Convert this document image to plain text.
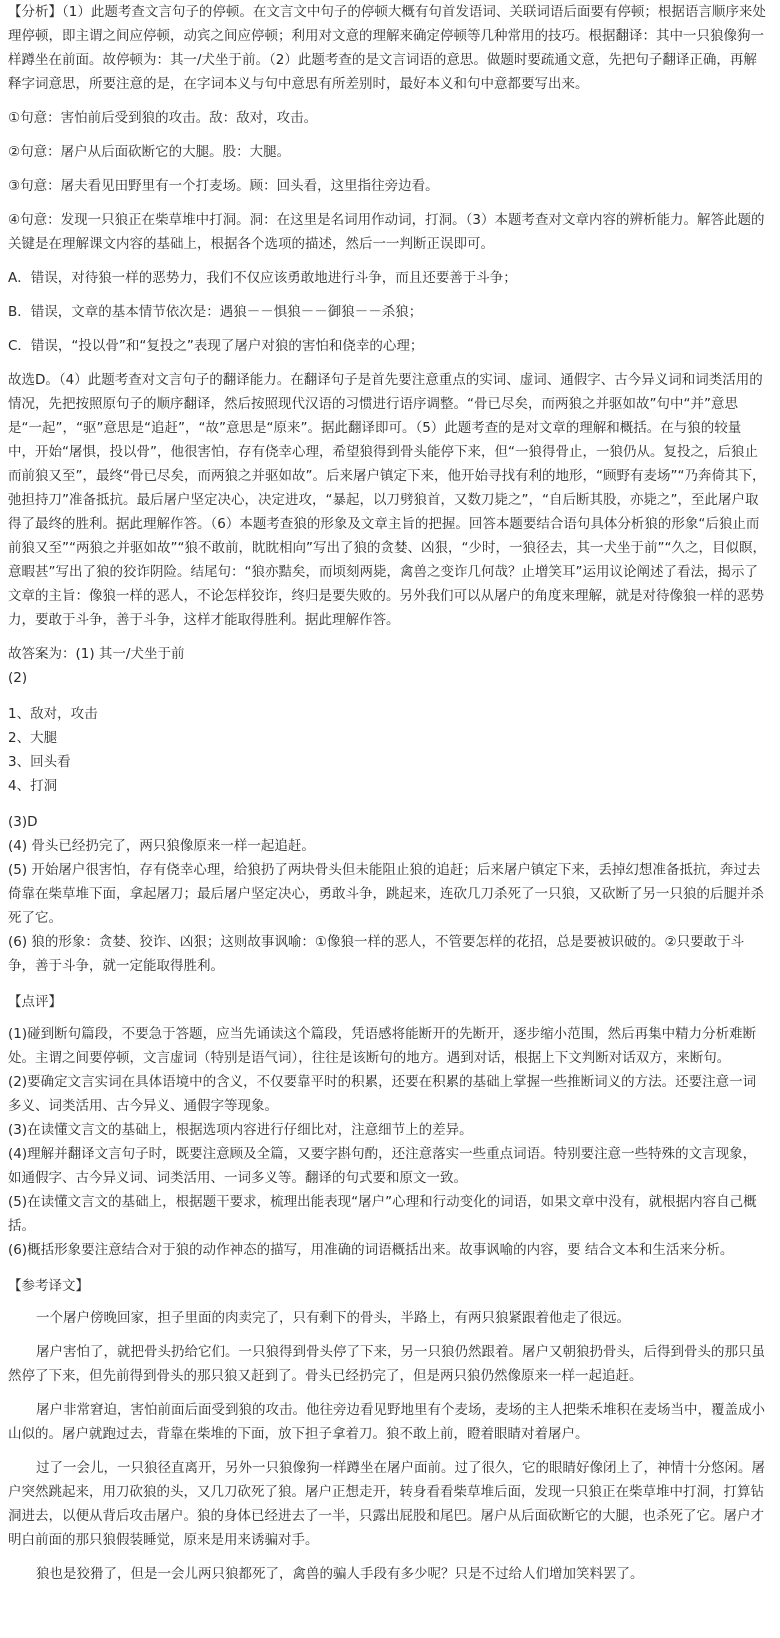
【分析】（1）此题考查文言句子的停顿。在文言文中句子的停顿大概有句首发语词、关联词语后面要有停顿；根据语言顺序来处理停顿，即主谓之间应停顿，动宾之间应停顿；利用对文意的理解来确定停顿等几种常用的技巧。根据翻译：其中一只狼像狗一样蹲坐在前面。故停顿为：其一/犬坐于前。（2）此题考查的是文言词语的意思。做题时要疏通文意，先把句子翻译正确，再解释字词意思，所要注意的是，在字词本义与句中意思有所差别时，最好本义和句中意都要写出来。

①句意：害怕前后受到狼的攻击。敌：敌对，攻击。

②句意：屠户从后面砍断它的大腿。股：大腿。

③句意：屠夫看见田野里有一个打麦场。顾：回头看，这里指往旁边看。

④句意：发现一只狼正在柴草堆中打洞。洞：在这里是名词用作动词，打洞。（3）本题考查对文章内容的辨析能力。解答此题的关键是在理解课文内容的基础上，根据各个选项的描述，然后一一判断正误即可。

A．错误，对待狼一样的恶势力，我们不仅应该勇敢地进行斗争，而且还要善于斗争；

B．错误，文章的基本情节依次是：遇狼－－惧狼－－御狼－－杀狼；

C．错误，“投以骨”和“复投之”表现了屠户对狼的害怕和侥幸的心理；

故选D。（4）此题考查对文言句子的翻译能力。在翻译句子是首先要注意重点的实词、虚词、通假字、古今异义词和词类活用的情况，先把按照原句子的顺序翻译，然后按照现代汉语的习惯进行语序调整。“骨已尽矣，而两狼之并驱如故”句中“并”意思是“一起”，“驱”意思是“追赶”，“故”意思是“原来”。据此翻译即可。（5）此题考查的是对文章的理解和概括。在与狼的较量中，开始“屠惧，投以骨”，他很害怕，存有侥幸心理，希望狼得到骨头能停下来，但“一狼得骨止，一狼仍从。复投之，后狼止而前狼又至”，最终“骨已尽矣，而两狼之并驱如故”。后来屠户镇定下来，他开始寻找有利的地形，“顾野有麦场”“乃奔倚其下，弛担持刀”准备抵抗。最后屠户坚定决心，决定进攻，“暴起，以刀劈狼首，又数刀毙之”，“自后断其股，亦毙之”，至此屠户取得了最终的胜利。据此理解作答。（6）本题考查狼的形象及文章主旨的把握。回答本题要结合语句具体分析狼的形象“后狼止而前狼又至”“两狼之并驱如故”“狼不敢前，眈眈相向”写出了狼的贪婪、凶狠，“少时，一狼径去，其一犬坐于前”“久之，目似瞑，意暇甚”写出了狼的狡诈阴险。结尾句：“狼亦黠矣，而顷刻两毙，禽兽之变诈几何哉？止增笑耳”运用议论阐述了看法，揭示了文章的主旨：像狼一样的恶人，不论怎样狡诈，终归是要失败的。另外我们可以从屠户的角度来理解，就是对待像狼一样的恶势力，要敢于斗争，善于斗争，这样才能取得胜利。据此理解作答。

故答案为：(1) 其一/犬坐于前

(2)

1、敌对，攻击

2、大腿

3、回头看

4、打洞

(3)D

(4) 骨头已经扔完了，两只狼像原来一样一起追赶。

(5) 开始屠户很害怕，存有侥幸心理，给狼扔了两块骨头但未能阻止狼的追赶；后来屠户镇定下来，丢掉幻想准备抵抗，奔过去倚靠在柴草堆下面，拿起屠刀；最后屠户坚定决心，勇敢斗争，跳起来，连砍几刀杀死了一只狼，又砍断了另一只狼的后腿并杀死了它。

(6) 狼的形象：贪婪、狡诈、凶狠；这则故事讽喻：①像狼一样的恶人，不管要怎样的花招，总是要被识破的。②只要敢于斗争，善于斗争，就一定能取得胜利。

【点评】

(1)碰到断句篇段，不要急于答题，应当先诵读这个篇段，凭语感将能断开的先断开，逐步缩小范围，然后再集中精力分析难断处。主谓之间要停顿，文言虚词（特别是语气词），往往是该断句的地方。遇到对话，根据上下文判断对话双方，来断句。

(2)要确定文言实词在具体语境中的含义，不仅要靠平时的积累，还要在积累的基础上掌握一些推断词义的方法。还要注意一词多义、词类活用、古今异义、通假字等现象。

(3)在读懂文言文的基础上，根据选项内容进行仔细比对，注意细节上的差异。

(4)理解并翻译文言句子时，既要注意顾及全篇，又要字斟句酌，还注意落实一些重点词语。特别要注意一些特殊的文言现象，如通假字、古今异义词、词类活用、一词多义等。翻译的句式要和原文一致。

(5)在读懂文言文的基础上，根据题干要求，梳理出能表现“屠户”心理和行动变化的词语，如果文章中没有，就根据内容自己概括。

(6)概括形象要注意结合对于狼的动作神态的描写，用准确的词语概括出来。故事讽喻的内容，要 结合文本和生活来分析。

【参考译文】

一个屠户傍晚回家，担子里面的肉卖完了，只有剩下的骨头，半路上，有两只狼紧跟着他走了很远。

屠户害怕了，就把骨头扔给它们。一只狼得到骨头停了下来，另一只狼仍然跟着。屠户又朝狼扔骨头，后得到骨头的那只虽然停了下来，但先前得到骨头的那只狼又赶到了。骨头已经扔完了，但是两只狼仍然像原来一样一起追赶。

屠户非常窘迫，害怕前面后面受到狼的攻击。他往旁边看见野地里有个麦场，麦场的主人把柴禾堆积在麦场当中，覆盖成小山似的。屠户就跑过去，背靠在柴堆的下面，放下担子拿着刀。狼不敢上前，瞪着眼睛对着屠户。

过了一会儿，一只狼径直离开，另外一只狼像狗一样蹲坐在屠户面前。过了很久，它的眼睛好像闭上了，神情十分悠闲。屠户突然跳起来，用刀砍狼的头，又几刀砍死了狼。屠户正想走开，转身看看柴草堆后面，发现一只狼正在柴草堆中打洞，打算钻洞进去，以便从背后攻击屠户。狼的身体已经进去了一半，只露出屁股和尾巴。屠户从后面砍断它的大腿，也杀死了它。屠户才明白前面的那只狼假装睡觉，原来是用来诱骗对手。

狼也是狡猾了，但是一会儿两只狼都死了，禽兽的骗人手段有多少呢？只是不过给人们增加笑料罢了。
